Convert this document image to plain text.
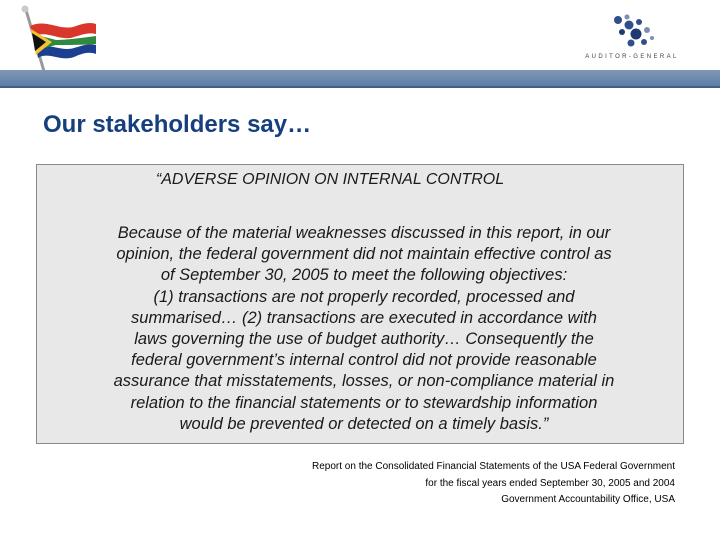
AUDITOR-GENERAL
Our stakeholders say…
“ADVERSE OPINION ON INTERNAL CONTROL
Because of the material weaknesses discussed in this report, in our
opinion, the federal government did not maintain effective control as
of September 30, 2005 to meet the following objectives:
(1) transactions are not properly recorded, processed and
summarised… (2) transactions are executed in accordance with
laws governing the use of budget authority… Consequently the
federal government’s internal control did not provide reasonable
assurance that misstatements, losses, or non-compliance material in
relation to the financial statements or to stewardship information
would be prevented or detected on a timely basis.”
Report on the Consolidated Financial Statements of the USA Federal Government
for the fiscal years ended September 30, 2005 and 2004
Government Accountability Office, USA
